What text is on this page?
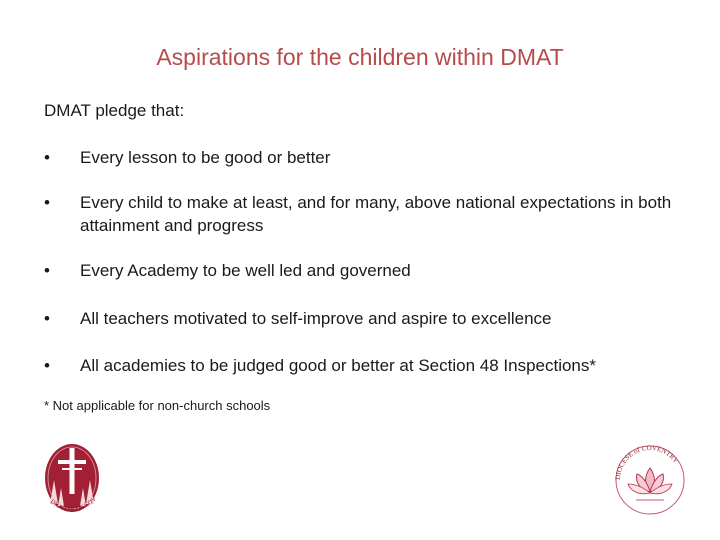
Aspirations for the children within DMAT
DMAT pledge that:
•	Every lesson to be good or better
•	Every child to make at least, and for many, above national expectations in both attainment and progress
•	Every Academy to be well led and governed
•	All teachers motivated to self-improve and aspire to excellence
•	All academies to be judged good or better at Section 48 Inspections*
* Not applicable for non-church schools
DIOCESE OF COV
DIOCESE of COVENTRY
